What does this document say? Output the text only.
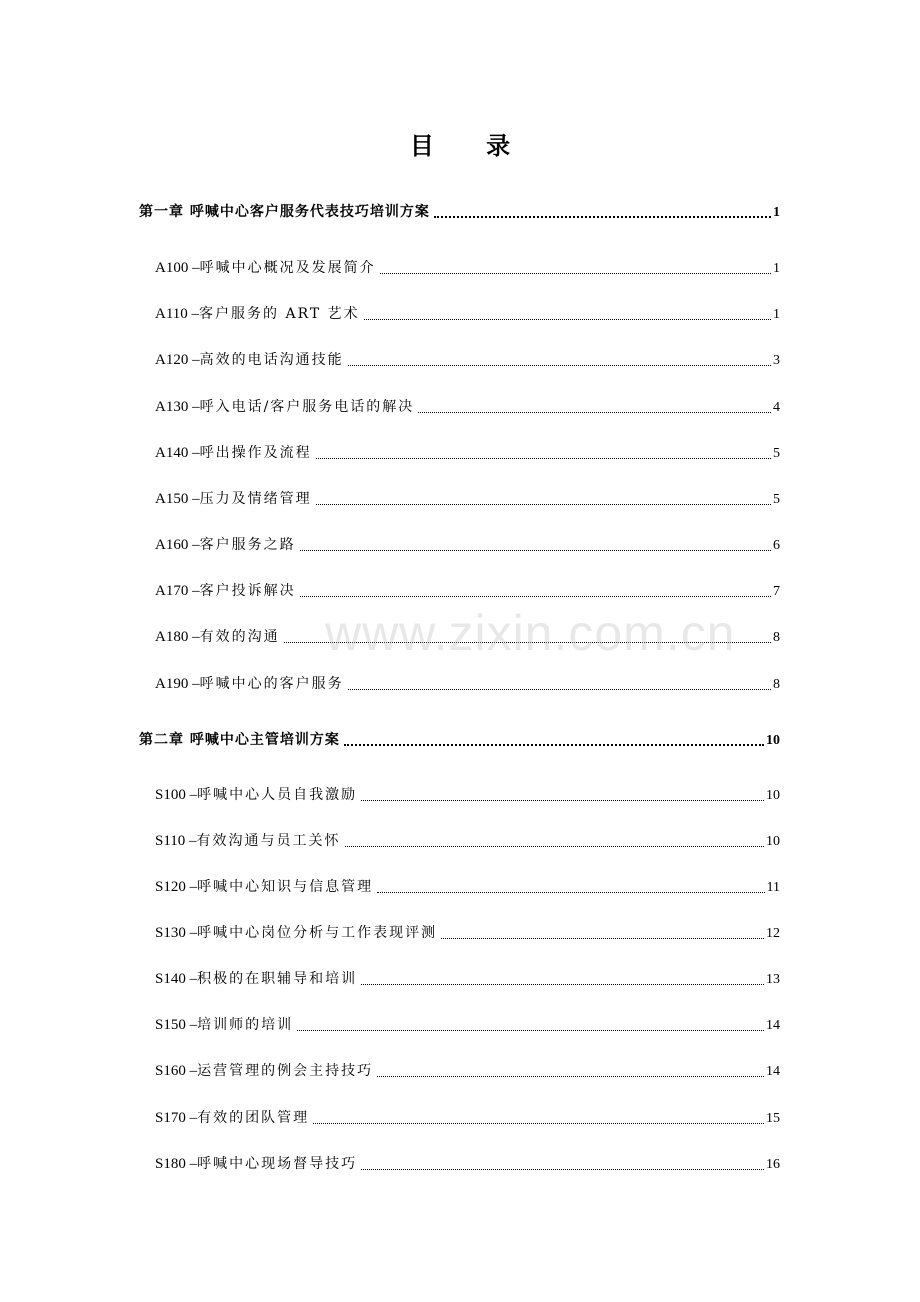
目 录
第一章 呼喊中心客户服务代表技巧培训方案	1
A100 – 呼喊中心概况及发展简介	1
A110 – 客户服务的 ART 艺术	1
A120 – 高效的电话沟通技能	3
A130 – 呼入电话/客户服务电话的解决	4
A140 – 呼出操作及流程	5
A150 – 压力及情绪管理	5
A160 – 客户服务之路	6
A170 – 客户投诉解决	7
A180 – 有效的沟通	8
A190 – 呼喊中心的客户服务	8
第二章 呼喊中心主管培训方案	10
S100 – 呼喊中心人员自我激励	10
S110 – 有效沟通与员工关怀	10
S120 – 呼喊中心知识与信息管理	11
S130 – 呼喊中心岗位分析与工作表现评测	12
S140 – 积极的在职辅导和培训	13
S150 – 培训师的培训	14
S160 – 运营管理的例会主持技巧	14
S170 – 有效的团队管理	15
S180 – 呼喊中心现场督导技巧	16
www.zixin.com.cn
